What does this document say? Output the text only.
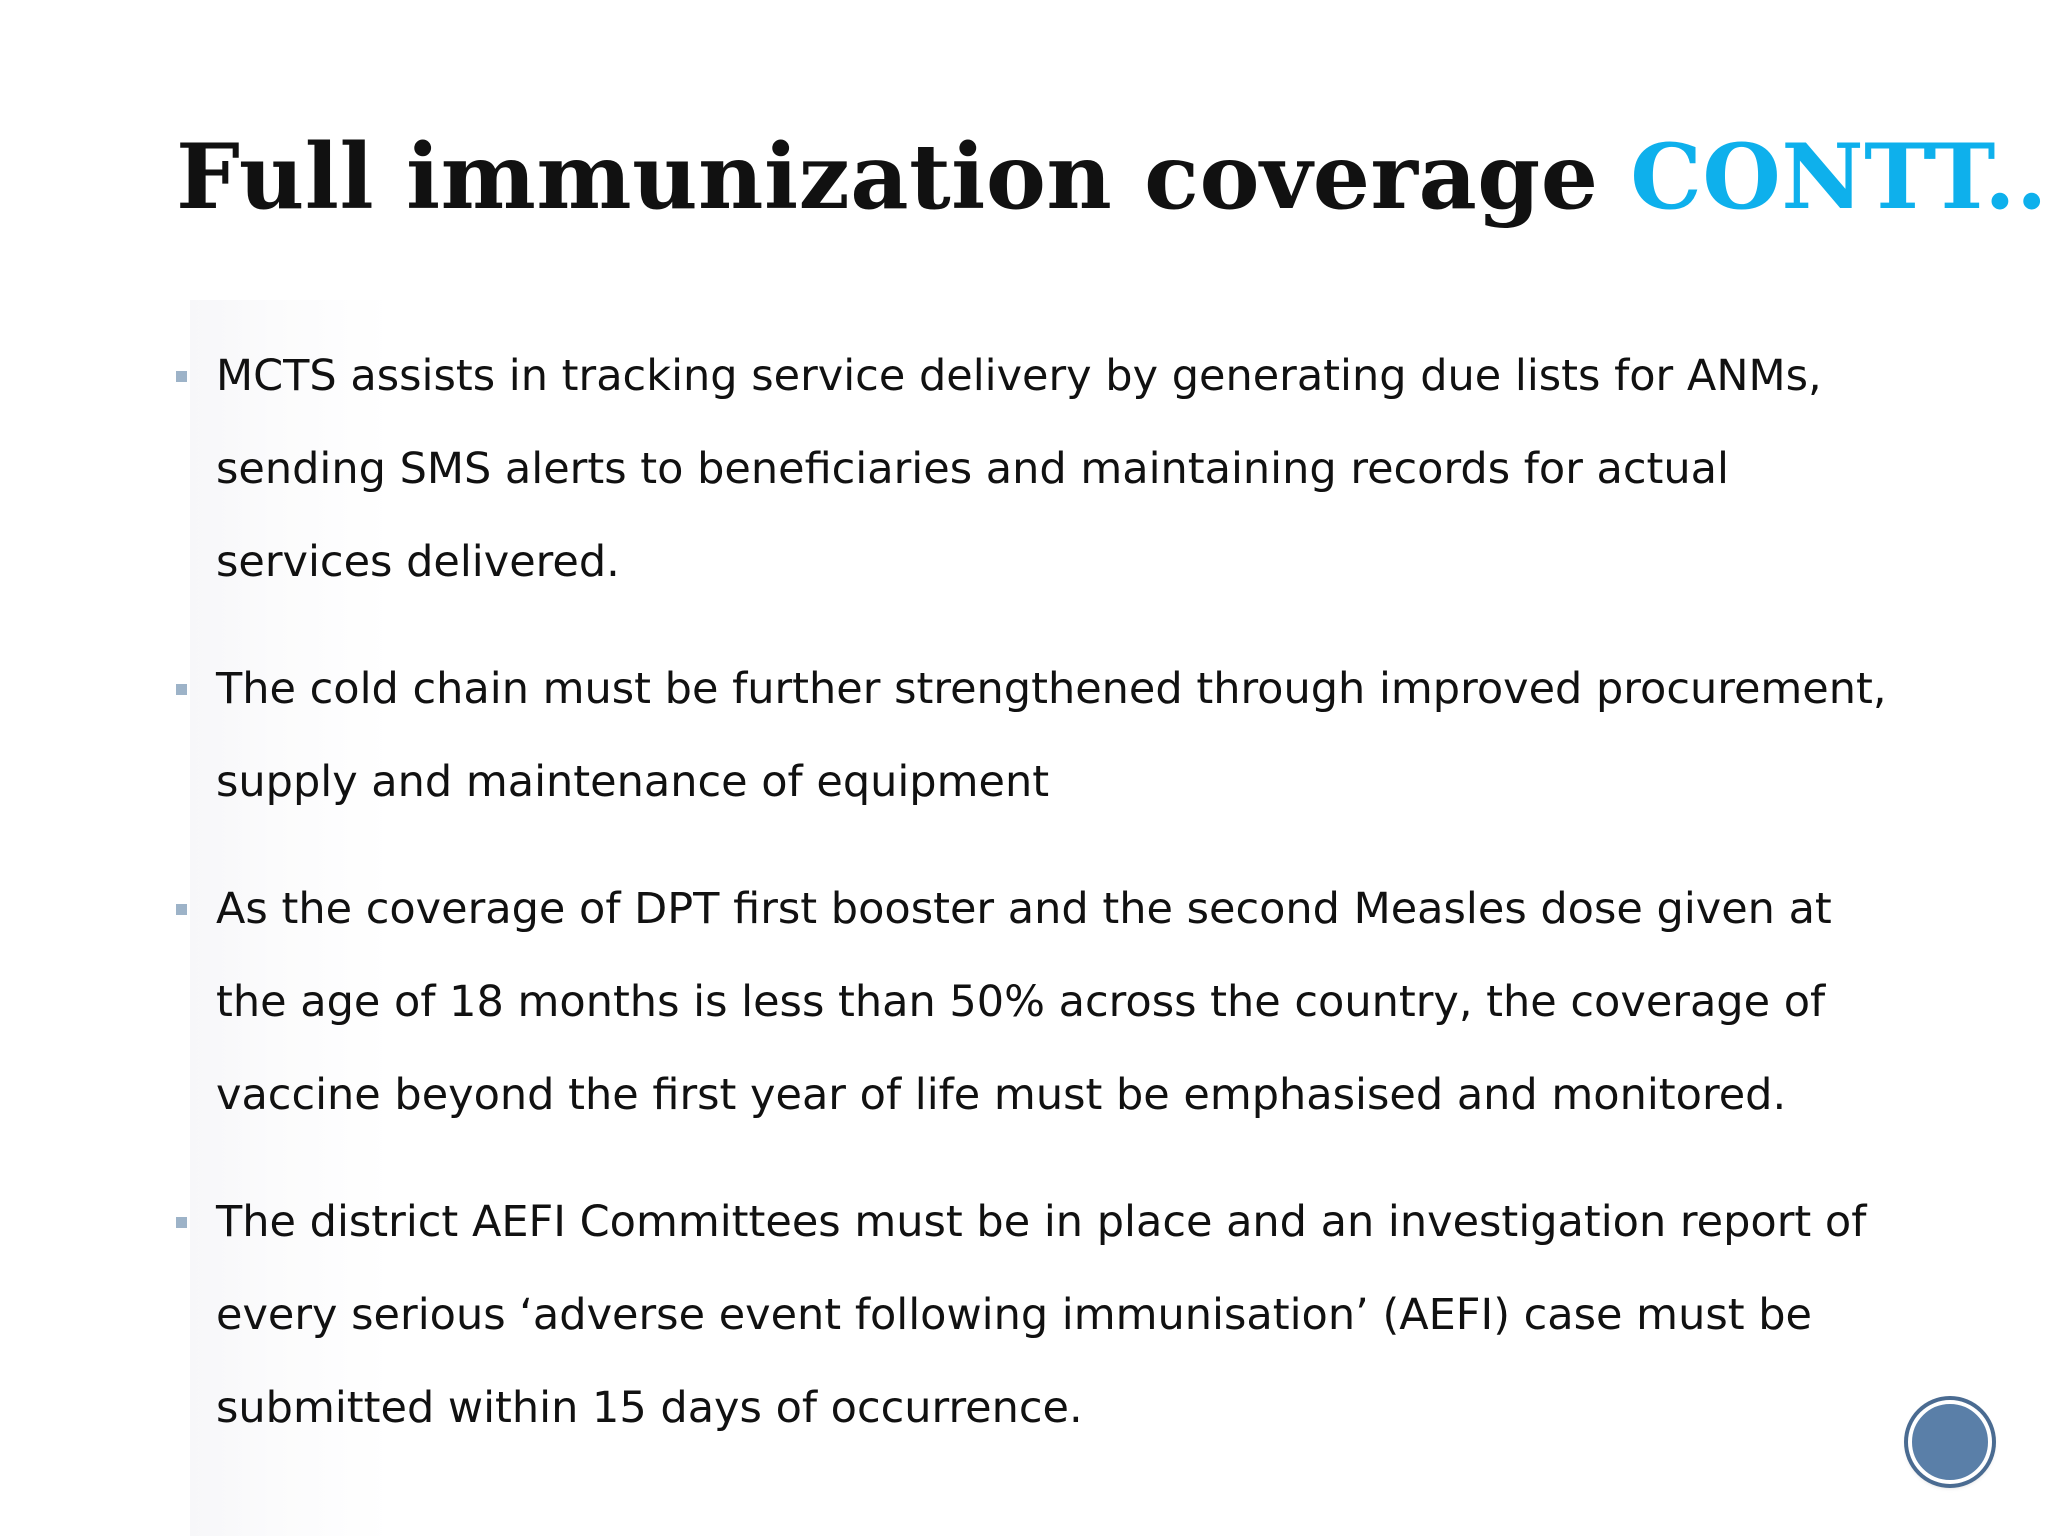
Full immunization coverage CONTT..
MCTS assists in tracking service delivery by generating due lists for ANMs, sending SMS alerts to beneficiaries and maintaining records for actual services delivered.
The cold chain must be further strengthened through improved procurement, supply and maintenance of equipment
As the coverage of DPT first booster and the second Measles dose given at the age of 18 months is less than 50% across the country, the coverage of vaccine beyond the first year of life must be emphasised and monitored.
The district AEFI Committees must be in place and an investigation report of every serious ‘adverse event following immunisation’ (AEFI) case must be submitted within 15 days of occurrence.
